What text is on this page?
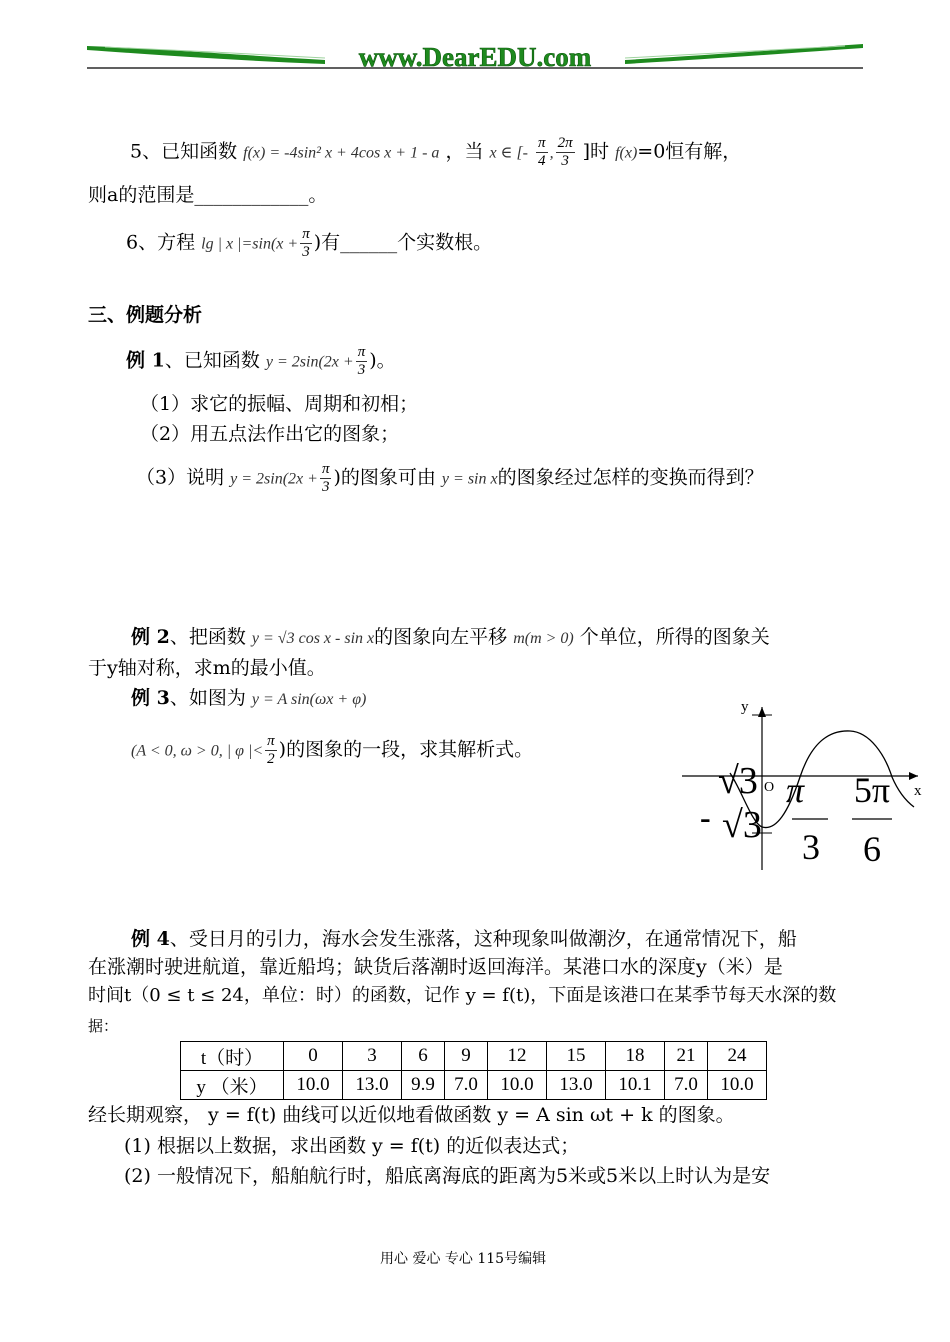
www.DearEDU.com
5、已知函数 f(x) = -4sin² x + 4cos x + 1 - a ，当 x ∈ [- $\frac{\pi}{4}$ , $\frac{2\pi}{3}$ ]时 f(x)=0恒有解，
则a的范围是____________。
6、方程 lg | x $|=\sin(x + \frac{\pi}{3}$ )有______个实数根。
三、例题分析
例 1、已知函数 $y = 2\sin(2x + \frac{\pi}{3}$ )。
（1）求它的振幅、周期和初相；
（2）用五点法作出它的图象；
（3）说明 $y = 2\sin(2x + \frac{\pi}{3}$ )的图象可由 y = sin x的图象经过怎样的变换而得到？
例 2、把函数 y = √3 cos x - sin x的图象向左平移 m(m > 0) 个单位，所得的图象关
于y轴对称，求m的最小值。
例 3、如图为 y = A sin(ωx + φ)
(A < 0, ω > 0, | φ |< $\frac{\pi}{2}$ )的图象的一段，求其解析式。
y
x
O
√3
- √3
π
3
5π
6
例 4、受日月的引力，海水会发生涨落，这种现象叫做潮汐，在通常情况下，船
在涨潮时驶进航道，靠近船坞；缺货后落潮时返回海洋。某港口水的深度y（米）是
时间t（0 ≤ t ≤ 24，单位：时）的函数，记作 y = f(t)，下面是该港口在某季节每天水深的数
据：
t（时）	0	3	6	9	12	15	18	21	24
y （米）	10.0	13.0	9.9	7.0	10.0	13.0	10.1	7.0	10.0
经长期观察， y = f(t) 曲线可以近似地看做函数 y = A sin ωt + k 的图象。
(1) 根据以上数据，求出函数 y = f(t) 的近似表达式；
(2) 一般情况下，船舶航行时，船底离海底的距离为5米或5米以上时认为是安
用心 爱心 专心 115号编辑
